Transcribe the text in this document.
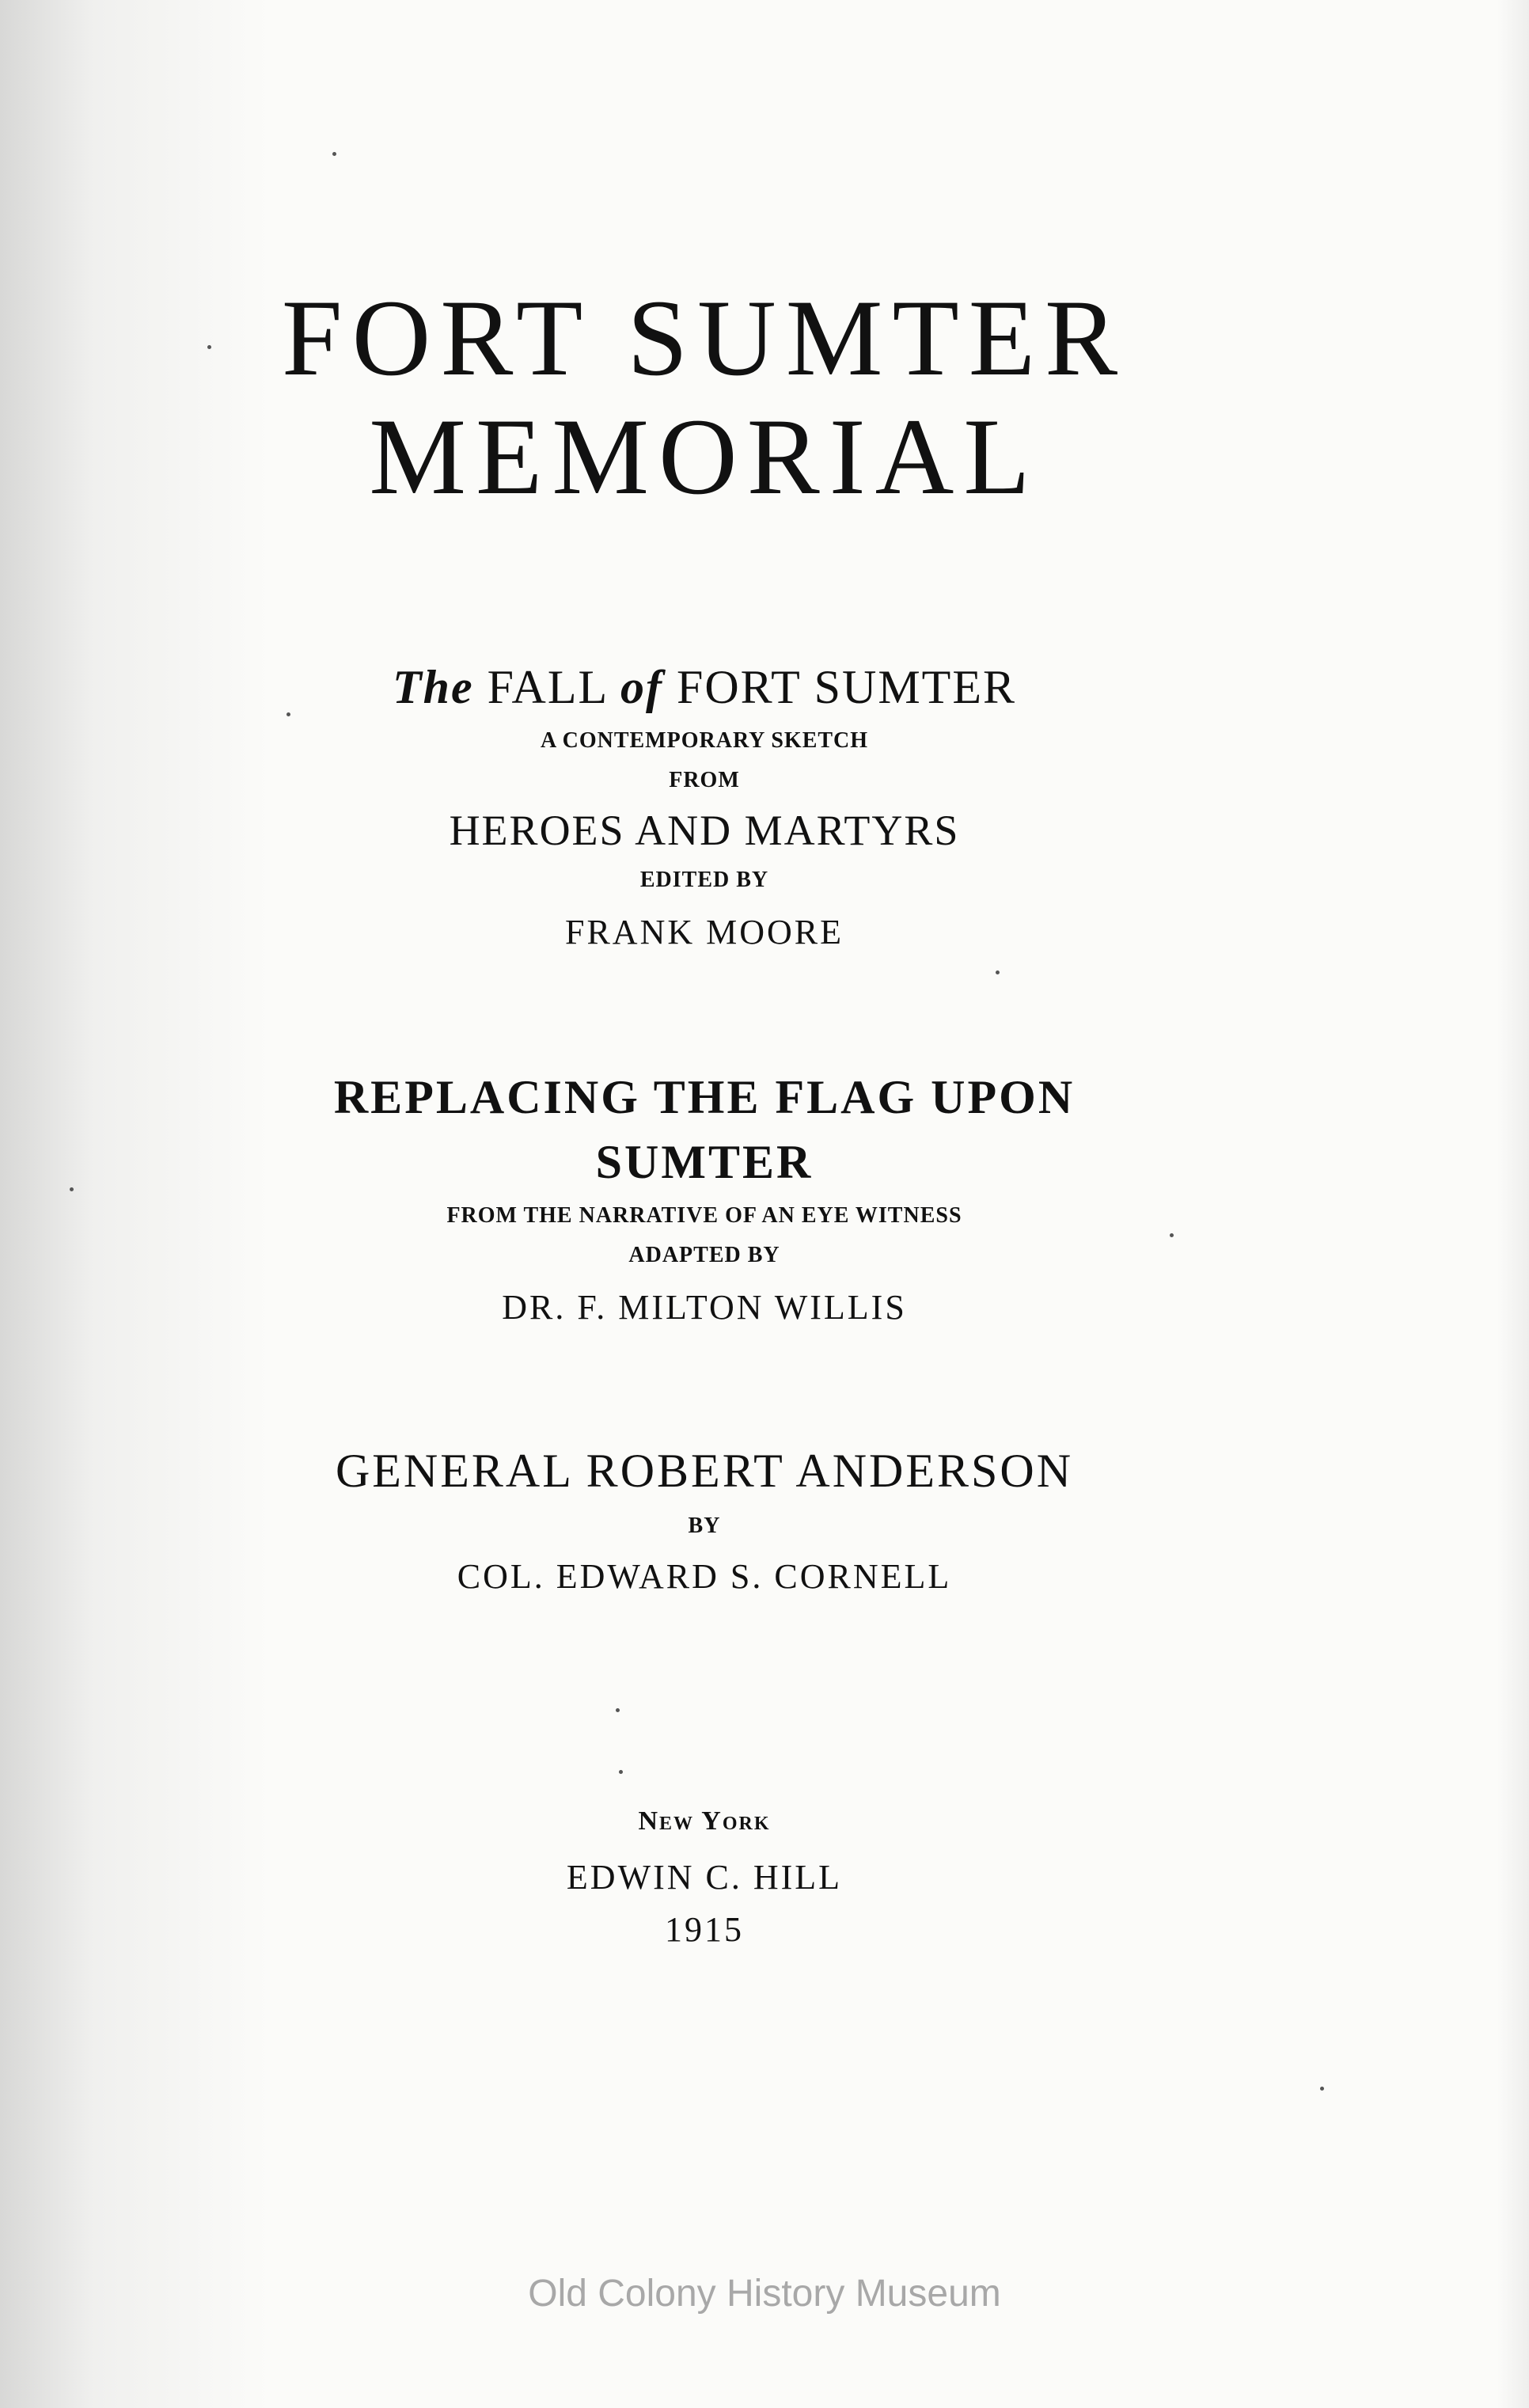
FORT SUMTER
MEMORIAL
The FALL of FORT SUMTER
A CONTEMPORARY SKETCH
FROM
HEROES AND MARTYRS
EDITED BY
FRANK MOORE
REPLACING THE FLAG UPON
SUMTER
FROM THE NARRATIVE OF AN EYE WITNESS
ADAPTED BY
DR. F. MILTON WILLIS
GENERAL ROBERT ANDERSON
BY
COL. EDWARD S. CORNELL
New York
EDWIN C. HILL
1915
Old Colony History Museum
